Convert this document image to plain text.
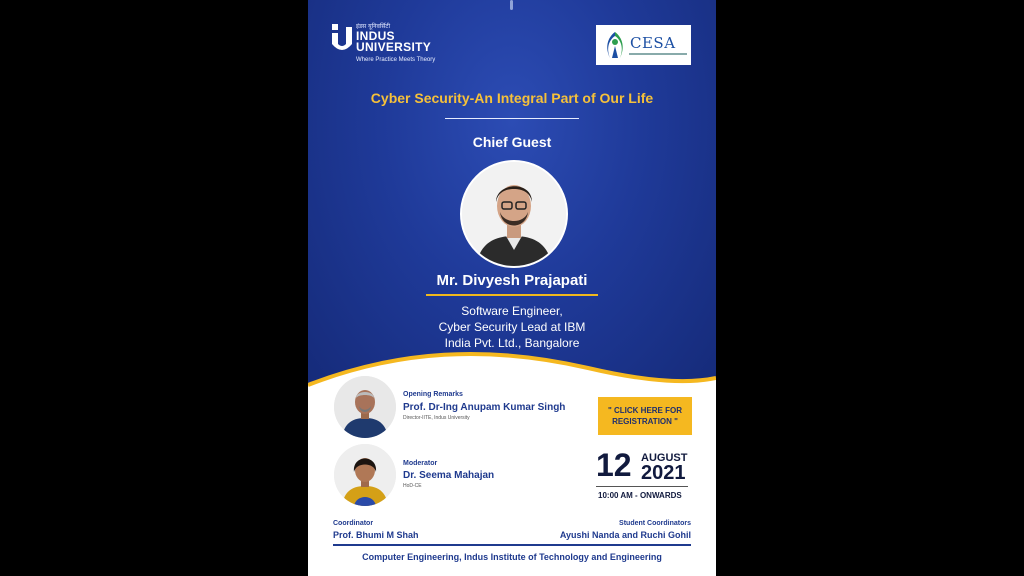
इंडस यूनिवर्सिटी
INDUS
UNIVERSITY
Where Practice Meets Theory
CESA
Cyber Security-An Integral Part of Our Life
Chief Guest
Mr. Divyesh Prajapati
Software Engineer,
Cyber Security Lead at IBM
India Pvt. Ltd., Bangalore
Opening Remarks
Prof. Dr-Ing Anupam Kumar Singh
Director-IITE, Indus University
Moderator
Dr. Seema Mahajan
HoD-CE
" CLICK HERE FOR
REGISTRATION "
12 AUGUST
2021
10:00 AM - ONWARDS
Coordinator
Prof. Bhumi M Shah
Student Coordinators
Ayushi Nanda and Ruchi Gohil
Computer Engineering, Indus Institute of Technology and Engineering
